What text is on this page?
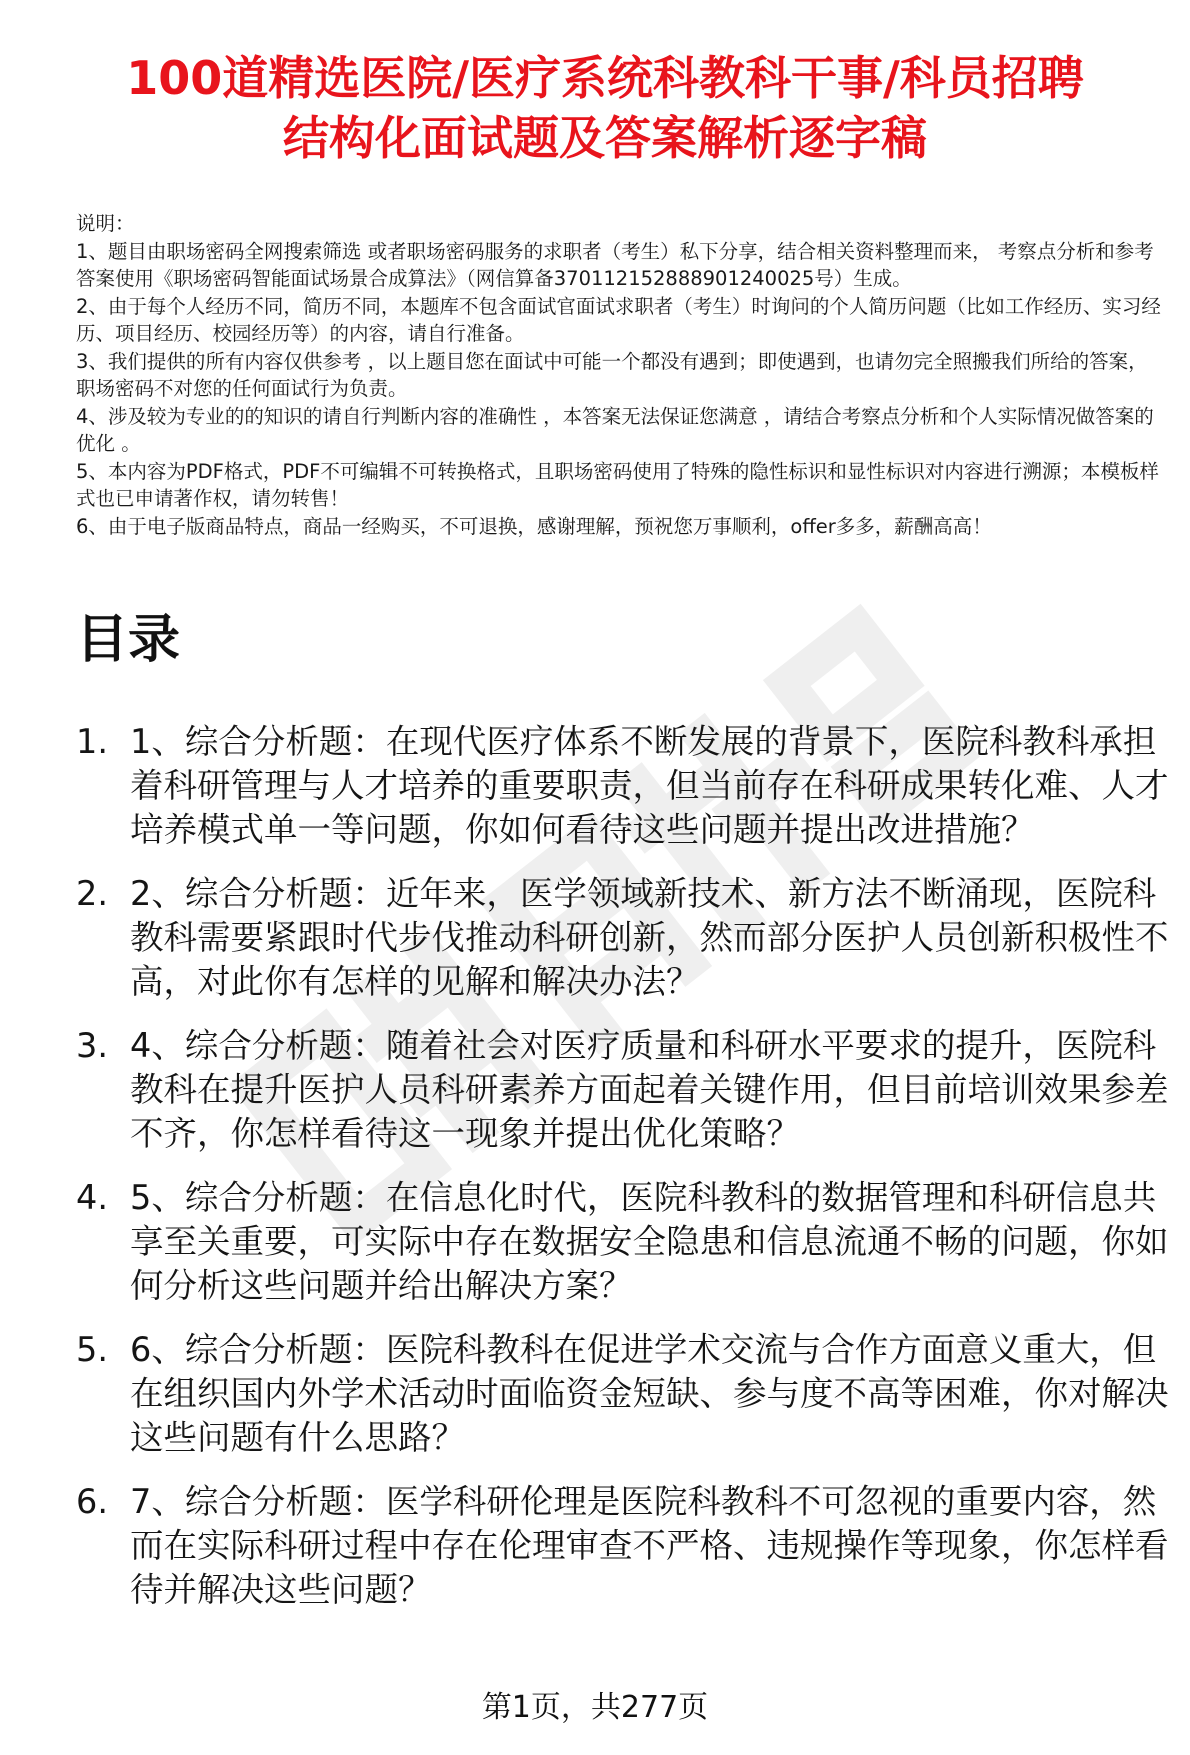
100道精选医院/医疗系统科教科干事/科员招聘
结构化面试题及答案解析逐字稿
说明：
1、题目由职场密码全网搜索筛选 或者职场密码服务的求职者（考生）私下分享，结合相关资料整理而来， 考察点分析和参考答案使用《职场密码智能面试场景合成算法》（网信算备370112152888901240025号）生成。
2、由于每个人经历不同，简历不同，本题库不包含面试官面试求职者（考生）时询问的个人简历问题（比如工作经历、实习经历、项目经历、校园经历等）的内容，请自行准备。
3、我们提供的所有内容仅供参考 ，以上题目您在面试中可能一个都没有遇到；即使遇到，也请勿完全照搬我们所给的答案，职场密码不对您的任何面试行为负责。
4、涉及较为专业的的知识的请自行判断内容的准确性 ，本答案无法保证您满意 ，请结合考察点分析和个人实际情况做答案的优化 。
5、本内容为PDF格式，PDF不可编辑不可转换格式，且职场密码使用了特殊的隐性标识和显性标识对内容进行溯源；本模板样式也已申请著作权，请勿转售！
6、由于电子版商品特点，商品一经购买，不可退换，感谢理解，预祝您万事顺利，offer多多，薪酬高高！
目录
1. 1、综合分析题：在现代医疗体系不断发展的背景下，医院科教科承担着科研管理与人才培养的重要职责，但当前存在科研成果转化难、人才培养模式单一等问题，你如何看待这些问题并提出改进措施？
2. 2、综合分析题：近年来，医学领域新技术、新方法不断涌现，医院科教科需要紧跟时代步伐推动科研创新，然而部分医护人员创新积极性不高，对此你有怎样的见解和解决办法？
3. 4、综合分析题：随着社会对医疗质量和科研水平要求的提升，医院科教科在提升医护人员科研素养方面起着关键作用，但目前培训效果参差不齐，你怎样看待这一现象并提出优化策略？
4. 5、综合分析题：在信息化时代，医院科教科的数据管理和科研信息共享至关重要，可实际中存在数据安全隐患和信息流通不畅的问题，你如何分析这些问题并给出解决方案？
5. 6、综合分析题：医院科教科在促进学术交流与合作方面意义重大，但在组织国内外学术活动时面临资金短缺、参与度不高等困难，你对解决这些问题有什么思路？
6. 7、综合分析题：医学科研伦理是医院科教科不可忽视的重要内容，然而在实际科研过程中存在伦理审查不严格、违规操作等现象，你怎样看待并解决这些问题？
第1页，共277页
